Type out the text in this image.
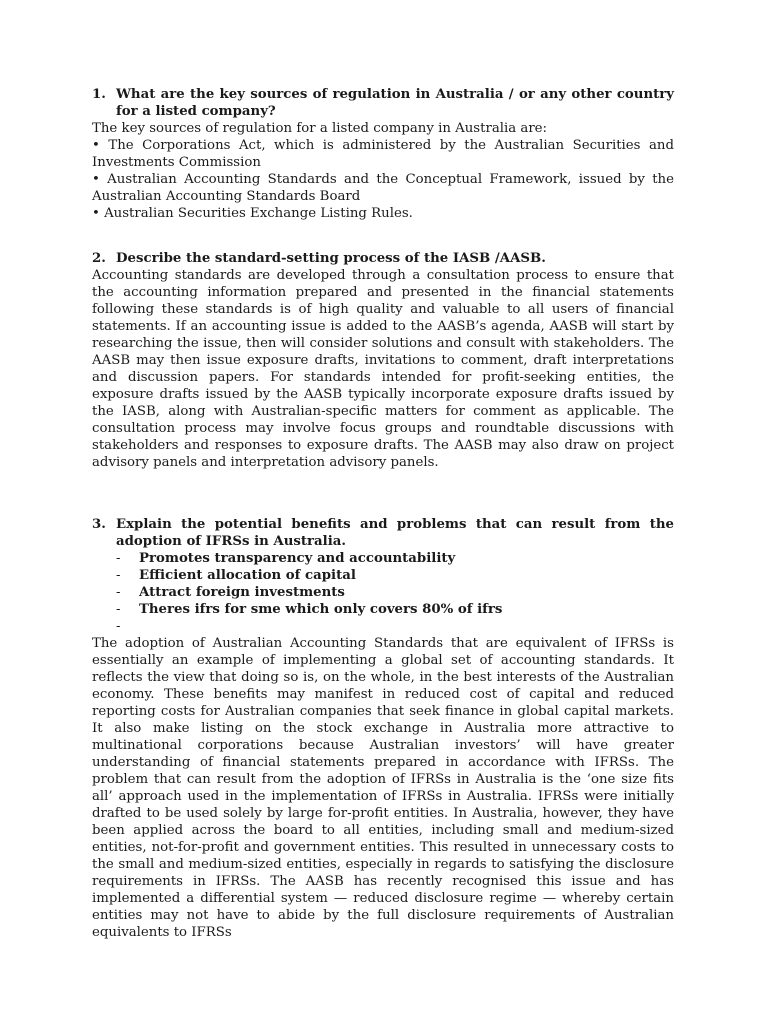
1. What are the key sources of regulation in Australia / or any other country for a listed company?

The key sources of regulation for a listed company in Australia are:

• The Corporations Act, which is administered by the Australian Securities and Investments Commission

• Australian Accounting Standards and the Conceptual Framework, issued by the Australian Accounting Standards Board

• Australian Securities Exchange Listing Rules.

2. Describe the standard-setting process of the IASB /AASB.

Accounting standards are developed through a consultation process to ensure that the accounting information prepared and presented in the financial statements following these standards is of high quality and valuable to all users of financial statements. If an accounting issue is added to the AASB’s agenda, AASB will start by researching the issue, then will consider solutions and consult with stakeholders. The AASB may then issue exposure drafts, invitations to comment, draft interpretations and discussion papers. For standards intended for profit-seeking entities, the exposure drafts issued by the AASB typically incorporate exposure drafts issued by the IASB, along with Australian-specific matters for comment as applicable. The consultation process may involve focus groups and roundtable discussions with stakeholders and responses to exposure drafts. The AASB may also draw on project advisory panels and interpretation advisory panels.

3. Explain the potential benefits and problems that can result from the adoption of IFRSs in Australia.
-	Promotes transparency and accountability
-	Efficient allocation of capital
-	Attract foreign investments
-	Theres ifrs for sme which only covers 80% of ifrs
-

The adoption of Australian Accounting Standards that are equivalent of IFRSs is essentially an example of implementing a global set of accounting standards. It reflects the view that doing so is, on the whole, in the best interests of the Australian economy. These benefits may manifest in reduced cost of capital and reduced reporting costs for Australian companies that seek finance in global capital markets. It also make listing on the stock exchange in Australia more attractive to multinational corporations because Australian investors’ will have greater understanding of financial statements prepared in accordance with IFRSs. The problem that can result from the adoption of IFRSs in Australia is the ‘one size fits all’ approach used in the implementation of IFRSs in Australia. IFRSs were initially drafted to be used solely by large for-profit entities. In Australia, however, they have been applied across the board to all entities, including small and medium-sized entities, not-for-profit and government entities. This resulted in unnecessary costs to the small and medium-sized entities, especially in regards to satisfying the disclosure requirements in IFRSs. The AASB has recently recognised this issue and has implemented a differential system — reduced disclosure regime — whereby certain entities may not have to abide by the full disclosure requirements of Australian equivalents to IFRSs
